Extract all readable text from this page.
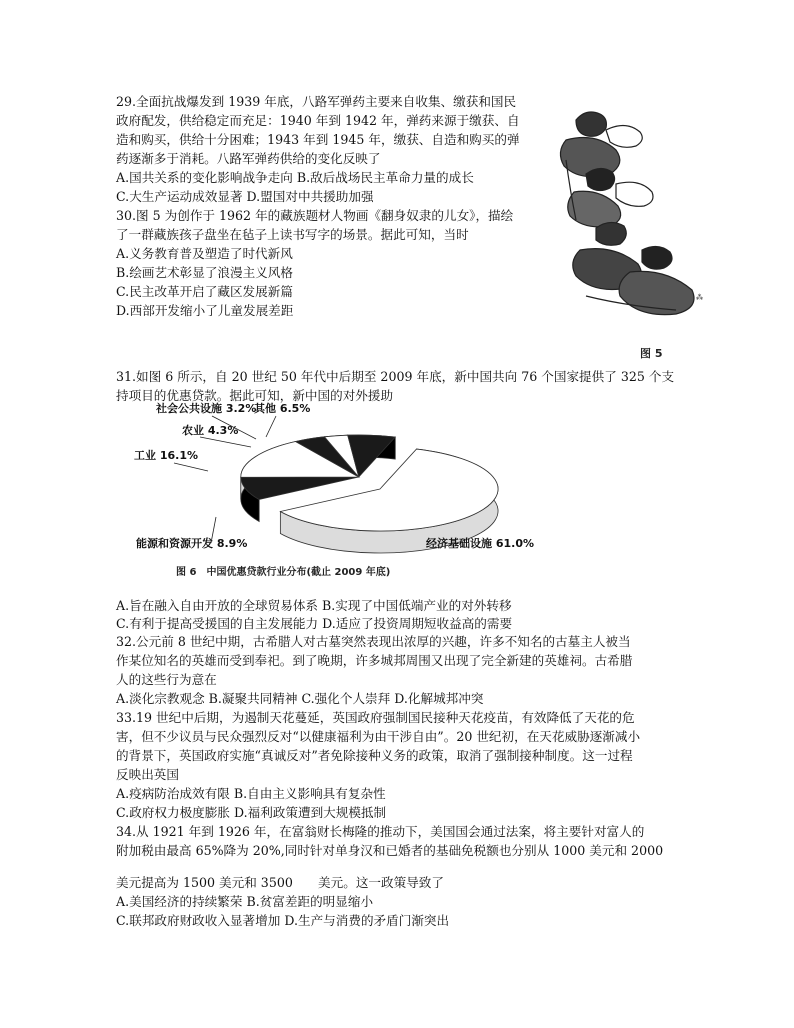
29.全面抗战爆发到 1939 年底，八路军弹药主要来自收集、缴获和国民
政府配发，供给稳定而充足：1940 年到 1942 年，弹药来源于缴获、自
造和购买，供给十分困难；1943 年到 1945 年，缴获、自造和购买的弹
药逐渐多于消耗。八路军弹药供给的变化反映了
A.国共关系的变化影响战争走向 B.敌后战场民主革命力量的成长
C.大生产运动成效显著 D.盟国对中共援助加强
30.图 5 为创作于 1962 年的藏族题材人物画《翻身奴隶的儿女》，描绘
了一群藏族孩子盘坐在毡子上读书写字的场景。据此可知，当时
A.义务教育普及塑造了时代新风
B.绘画艺术彰显了浪漫主义风格
C.民主改革开启了藏区发展新篇
D.西部开发缩小了儿童发展差距
⁂
图 5
31.如图 6 所示，自 20 世纪 50 年代中后期至 2009 年底，新中国共向 76 个国家提供了 325 个支
持项目的优惠贷款。据此可知，新中国的对外援助
经济基础设施 61.0%
能源和资源开发 8.9%
工业 16.1%
农业 4.3%
社会公共设施 3.2%
其他 6.5%
图 6　中国优惠贷款行业分布(截止 2009 年底)
A.旨在融入自由开放的全球贸易体系 B.实现了中国低端产业的对外转移
C.有利于提高受援国的自主发展能力 D.适应了投资周期短收益高的需要
32.公元前 8 世纪中期，古希腊人对古墓突然表现出浓厚的兴趣，许多不知名的古墓主人被当
作某位知名的英雄而受到奉祀。到了晚期，许多城邦周围又出现了完全新建的英雄祠。古希腊
人的这些行为意在
A.淡化宗教观念 B.凝聚共同精神 C.强化个人崇拜 D.化解城邦冲突
33.19 世纪中后期，为遏制天花蔓延，英国政府强制国民接种天花疫苗，有效降低了天花的危
害，但不少议员与民众强烈反对“以健康福利为由干涉自由”。20 世纪初，在天花威胁逐渐减小
的背景下，英国政府实施“真诚反对”者免除接种义务的政策，取消了强制接种制度。这一过程
反映出英国
A.疫病防治成效有限 B.自由主义影响具有复杂性
C.政府权力极度膨胀 D.福利政策遭到大规模抵制
34.从 1921 年到 1926 年，在富翁财长梅隆的推动下，美国国会通过法案，将主要针对富人的
附加税由最高 65%降为 20%,同时针对单身汉和已婚者的基础免税额也分别从 1000 美元和 2000
美元提高为 1500 美元和 3500　　美元。这一政策导致了
A.美国经济的持续繁荣 B.贫富差距的明显缩小
C.联邦政府财政收入显著增加 D.生产与消费的矛盾门渐突出
